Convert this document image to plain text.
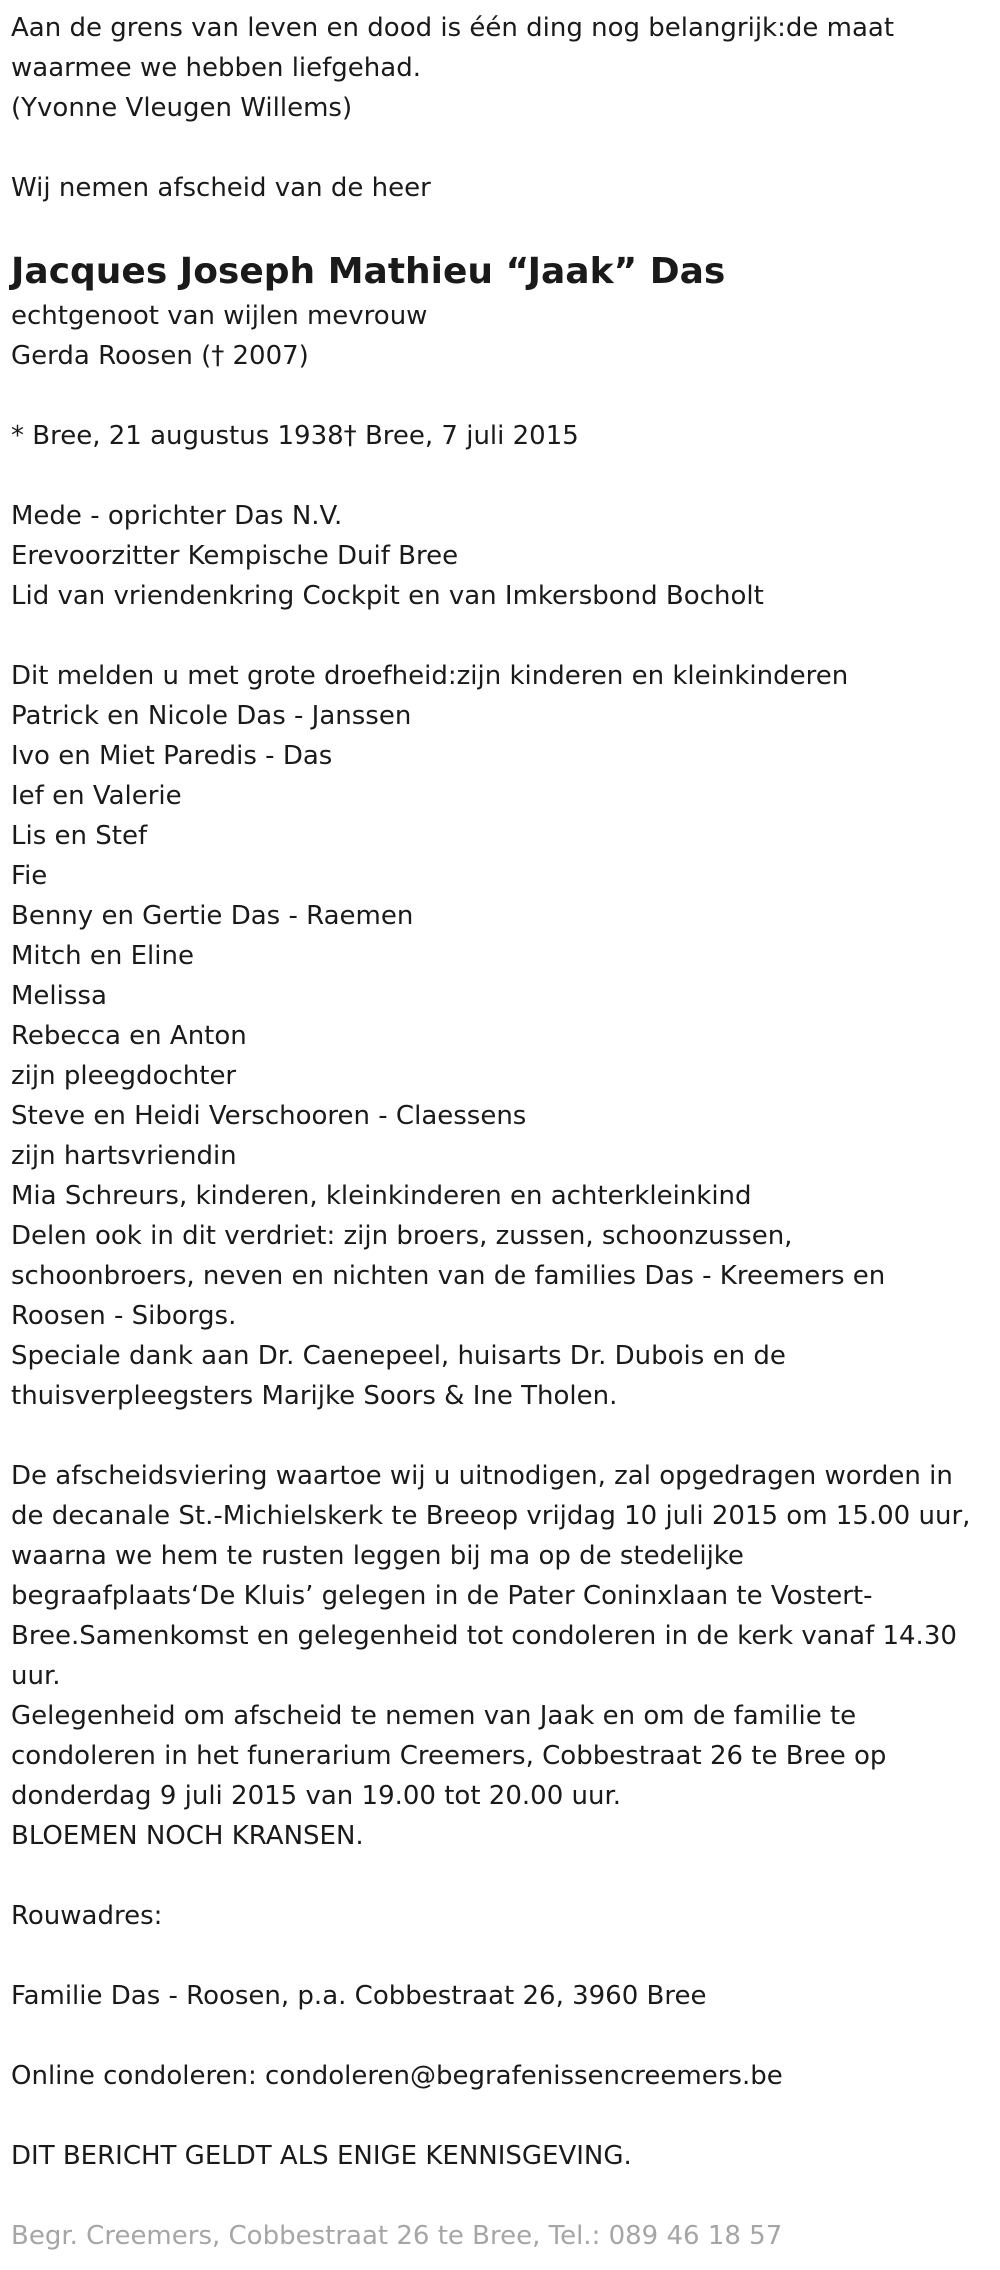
Aan de grens van leven en dood is één ding nog belangrijk:de maat
waarmee we hebben liefgehad.
(Yvonne Vleugen Willems)
Wij nemen afscheid van de heer
Jacques Joseph Mathieu “Jaak” Das
echtgenoot van wijlen mevrouw
Gerda Roosen († 2007)
* Bree, 21 augustus 1938† Bree, 7 juli 2015
Mede - oprichter Das N.V.
Erevoorzitter Kempische Duif Bree
Lid van vriendenkring Cockpit en van Imkersbond Bocholt
Dit melden u met grote droefheid:zijn kinderen en kleinkinderen
Patrick en Nicole Das - Janssen
Ivo en Miet Paredis - Das
Ief en Valerie
Lis en Stef
Fie
Benny en Gertie Das - Raemen
Mitch en Eline
Melissa
Rebecca en Anton
zijn pleegdochter
Steve en Heidi Verschooren - Claessens
zijn hartsvriendin
Mia Schreurs, kinderen, kleinkinderen en achterkleinkind
Delen ook in dit verdriet: zijn broers, zussen, schoonzussen,
schoonbroers, neven en nichten van de families Das - Kreemers en
Roosen - Siborgs.
Speciale dank aan Dr. Caenepeel, huisarts Dr. Dubois en de
thuisverpleegsters Marijke Soors & Ine Tholen.
De afscheidsviering waartoe wij u uitnodigen, zal opgedragen worden in
de decanale St.-Michielskerk te Breeop vrijdag 10 juli 2015 om 15.00 uur,
waarna we hem te rusten leggen bij ma op de stedelijke
begraafplaats‘De Kluis’ gelegen in de Pater Coninxlaan te Vostert-
Bree.Samenkomst en gelegenheid tot condoleren in de kerk vanaf 14.30
uur.
Gelegenheid om afscheid te nemen van Jaak en om de familie te
condoleren in het funerarium Creemers, Cobbestraat 26 te Bree op
donderdag 9 juli 2015 van 19.00 tot 20.00 uur.
BLOEMEN NOCH KRANSEN.
Rouwadres:
Familie Das - Roosen, p.a. Cobbestraat 26, 3960 Bree
Online condoleren: condoleren@begrafenissencreemers.be
DIT BERICHT GELDT ALS ENIGE KENNISGEVING.
Begr. Creemers, Cobbestraat 26 te Bree, Tel.: 089 46 18 57
